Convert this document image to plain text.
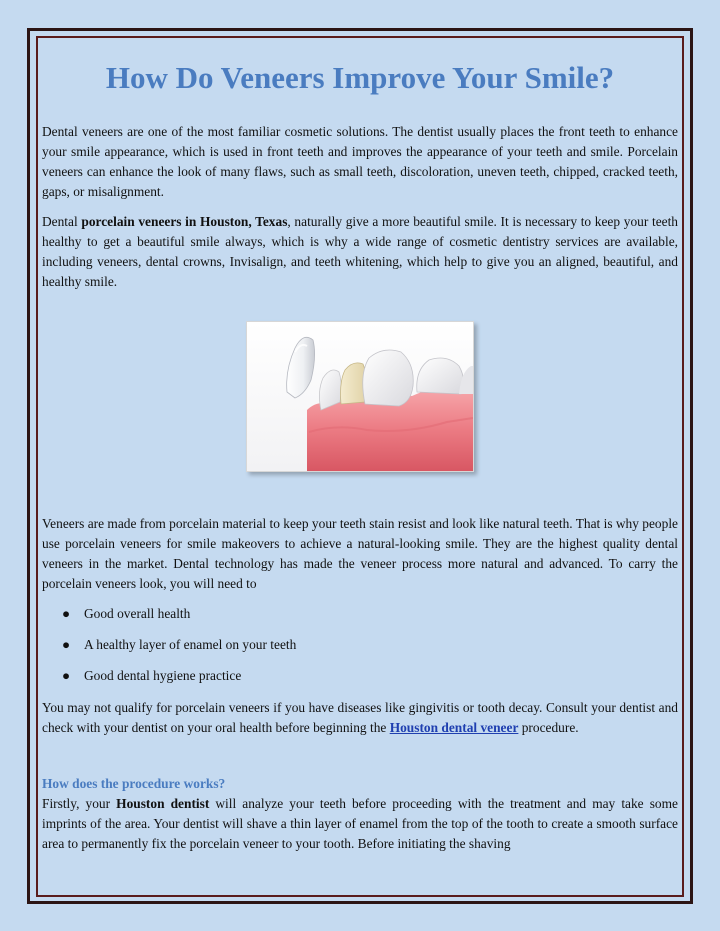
How Do Veneers Improve Your Smile?

Dental veneers are one of the most familiar cosmetic solutions. The dentist usually places the front teeth to enhance your smile appearance, which is used in front teeth and improves the appearance of your teeth and smile. Porcelain veneers can enhance the look of many flaws, such as small teeth, discoloration, uneven teeth, chipped, cracked teeth, gaps, or misalignment.

Dental porcelain veneers in Houston, Texas, naturally give a more beautiful smile. It is necessary to keep your teeth healthy to get a beautiful smile always, which is why a wide range of cosmetic dentistry services are available, including veneers, dental crowns, Invisalign, and teeth whitening, which help to give you an aligned, beautiful, and healthy smile.

Veneers are made from porcelain material to keep your teeth stain resist and look like natural teeth. That is why people use porcelain veneers for smile makeovers to achieve a natural-looking smile. They are the highest quality dental veneers in the market. Dental technology has made the veneer process more natural and advanced. To carry the porcelain veneers look, you will need to

● Good overall health
● A healthy layer of enamel on your teeth
● Good dental hygiene practice

You may not qualify for porcelain veneers if you have diseases like gingivitis or tooth decay. Consult your dentist and check with your dentist on your oral health before beginning the Houston dental veneer procedure.

How does the procedure works?

Firstly, your Houston dentist will analyze your teeth before proceeding with the treatment and may take some imprints of the area. Your dentist will shave a thin layer of enamel from the top of the tooth to create a smooth surface area to permanently fix the porcelain veneer to your tooth. Before initiating the shaving
